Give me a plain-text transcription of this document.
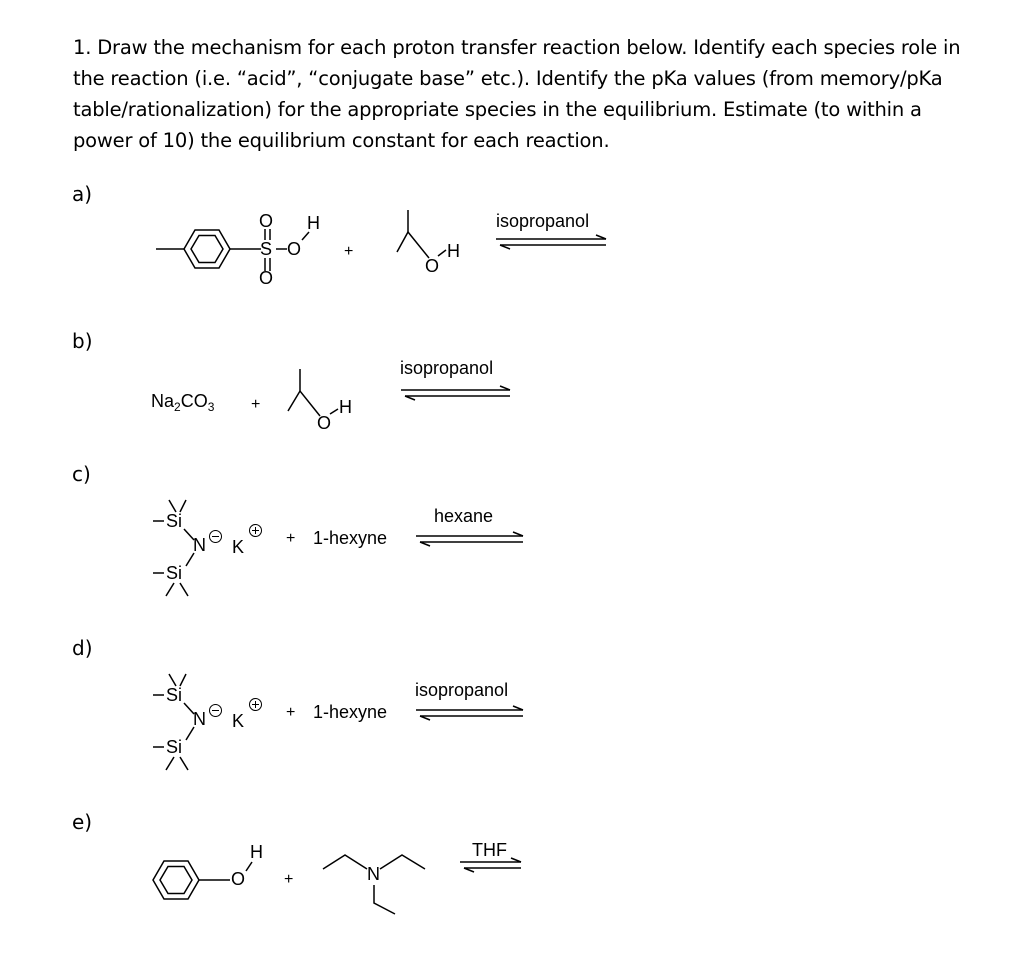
1. Draw the mechanism for each proton transfer reaction below. Identify each species role in
the reaction (i.e. “acid”, “conjugate base” etc.). Identify the pKa values (from memory/pKa
table/rationalization) for the appropriate species in the equilibrium. Estimate (to within a
power of 10) the equilibrium constant for each reaction.
a)
O
S
O
O
H
+
O
H
isopropanol
b)
$Na_2CO_3$ +
O
H
isopropanol
c)
Si
N K
Si
+ 1-hexyne
hexane
d)
Si
N K
Si
+ 1-hexyne
isopropanol
e)
H
O +	N
THF
